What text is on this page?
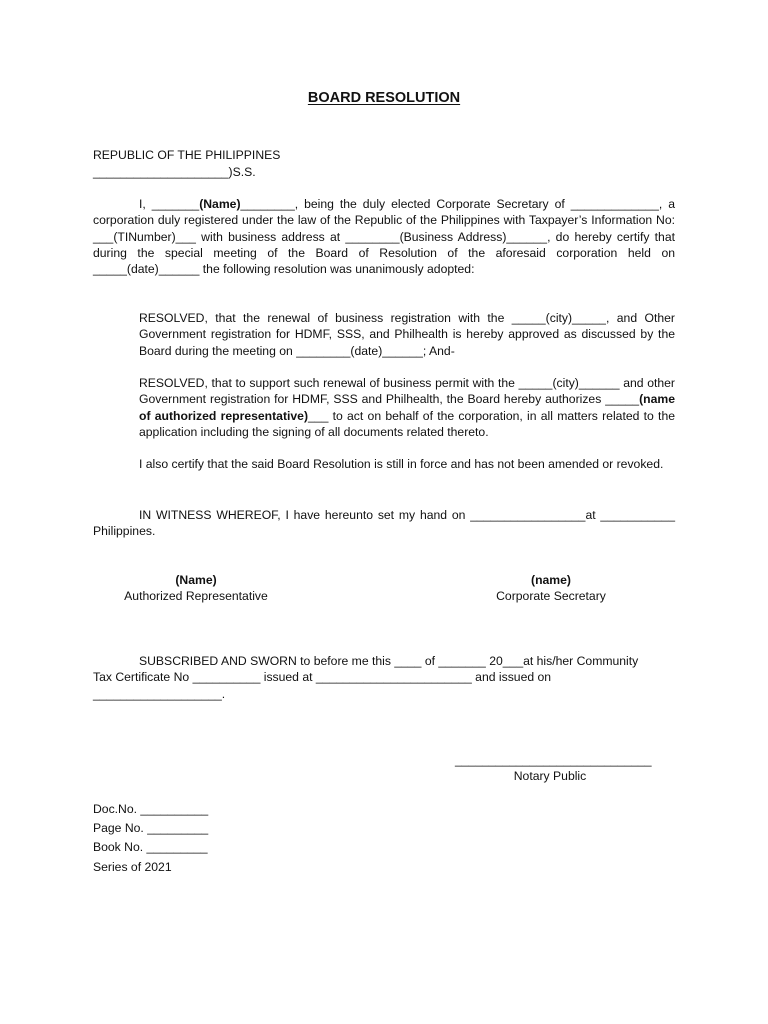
BOARD RESOLUTION
REPUBLIC OF THE PHILIPPINES
____________________)S.S.

I, _______(Name)________, being the duly elected Corporate Secretary of _____________, a corporation duly registered under the law of the Republic of the Philippines with Taxpayer’s Information No: ___(TINumber)___ with business address at ________(Business Address)______, do hereby certify that during the special meeting of the Board of Resolution of the aforesaid corporation held on _____(date)______ the following resolution was unanimously adopted:

RESOLVED, that the renewal of business registration with the _____(city)_____, and Other Government registration for HDMF, SSS, and Philhealth is hereby approved as discussed by the Board during the meeting on ________(date)______; And-

RESOLVED, that to support such renewal of business permit with the _____(city)______ and other Government registration for HDMF, SSS and Philhealth, the Board hereby authorizes _____(name of authorized representative)___ to act on behalf of the corporation, in all matters related to the application including the signing of all documents related thereto.

I also certify that the said Board Resolution is still in force and has not been amended or revoked.

IN WITNESS WHEREOF, I have hereunto set my hand on _________________at ___________ Philippines.

(Name)
Authorized Representative
(name)
Corporate Secretary
SUBSCRIBED AND SWORN to before me this ____ of _______ 20___at his/her Community
Tax Certificate No __________ issued at _______________________ and issued on
___________________.
_____________________________
Notary Public
Doc.No. __________
Page No. _________
Book No. _________
Series of 2021
